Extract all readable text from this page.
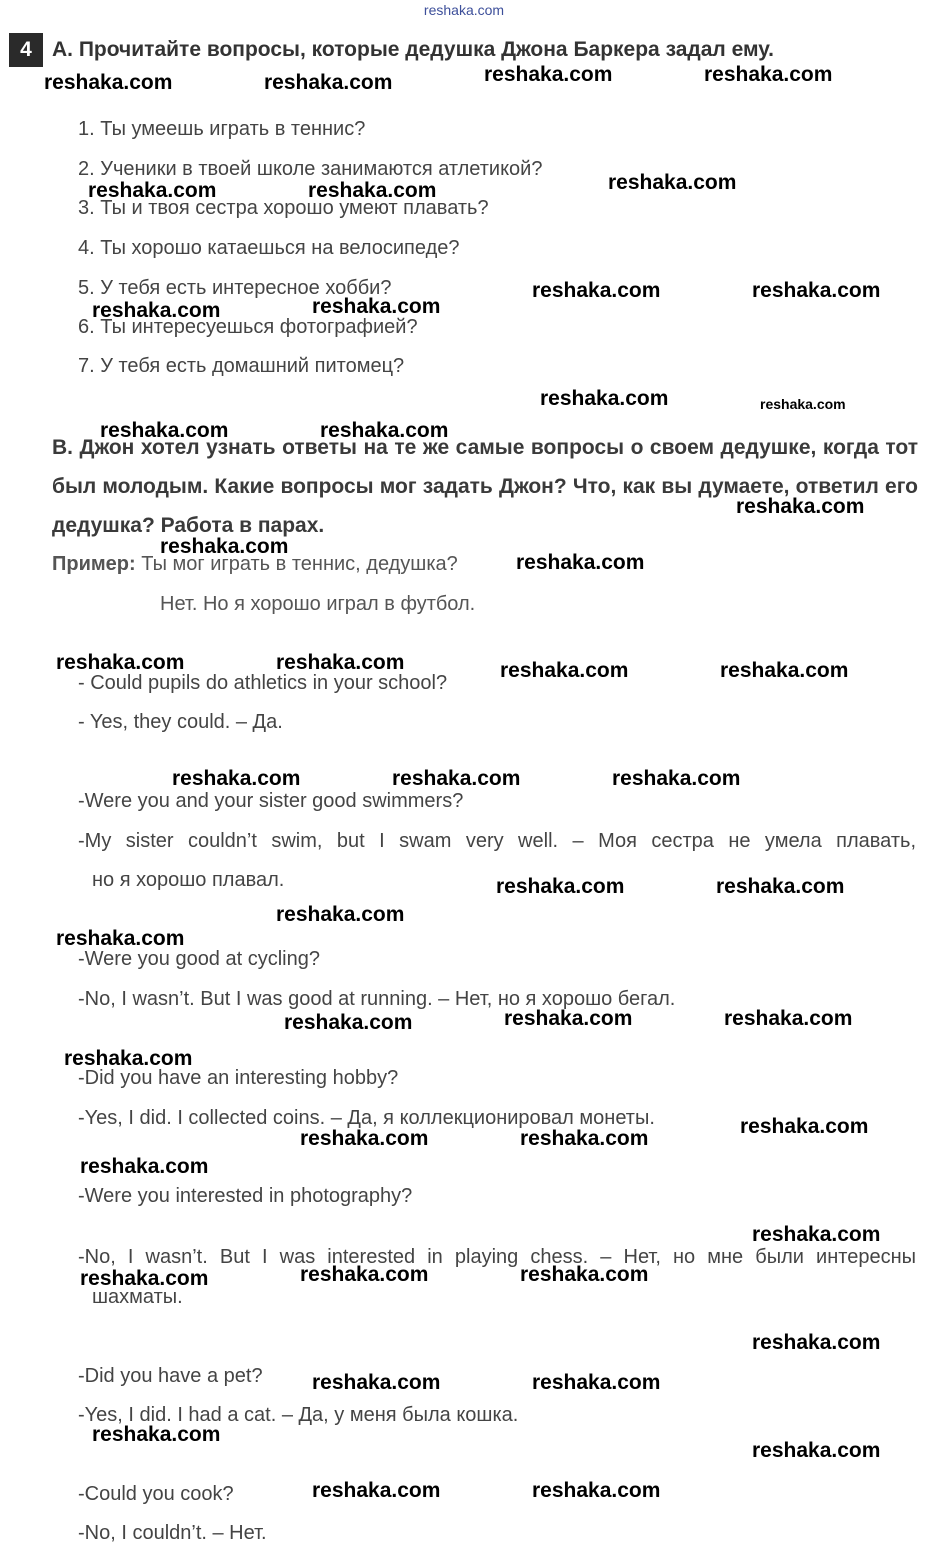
reshaka.com
4 A. Прочитайте вопросы, которые дедушка Джона Баркера задал ему.
1. Ты умеешь играть в теннис?
2. Ученики в твоей школе занимаются атлетикой?
3. Ты и твоя сестра хорошо умеют плавать?
4. Ты хорошо катаешься на велосипеде?
5. У тебя есть интересное хобби?
6. Ты интересуешься фотографией?
7. У тебя есть домашний питомец?

B. Джон хотел узнать ответы на те же самые вопросы о своем дедушке, когда тот был молодым. Какие вопросы мог задать Джон? Что, как вы думаете, ответил его дедушка? Работа в парах.

Пример: Ты мог играть в теннис, дедушка?
Нет. Но я хорошо играл в футбол.
- Could pupils do athletics in your school?
- Yes, they could. – Да.
-Were you and your sister good swimmers?
-My sister couldn’t swim, but I swam very well. – Моя сестра не умела плавать,
но я хорошо плавал.
-Were you good at cycling?
-No, I wasn’t. But I was good at running. – Нет, но я хорошо бегал.
-Did you have an interesting hobby?
-Yes, I did. I collected coins. – Да, я коллекционировал монеты.
-Were you interested in photography?
-No, I wasn’t. But I was interested in playing chess. – Нет, но мне были интересны
шахматы.
-Did you have a pet?
-Yes, I did. I had a cat. – Да, у меня была кошка.
-Could you cook?
-No, I couldn’t. – Нет.
reshaka.com	reshaka.com	reshaka.com	reshaka.com
reshaka.com	reshaka.com	reshaka.com
reshaka.com	reshaka.com
reshaka.com	reshaka.com
reshaka.com	reshaka.com
reshaka.com	reshaka.com
reshaka.com
reshaka.com
reshaka.com
reshaka.com	reshaka.com	reshaka.com	reshaka.com
reshaka.com	reshaka.com	reshaka.com
reshaka.com	reshaka.com
reshaka.com
reshaka.com
reshaka.com	reshaka.com	reshaka.com
reshaka.com
reshaka.com
reshaka.com	reshaka.com
reshaka.com
reshaka.com
reshaka.com	reshaka.com	reshaka.com
reshaka.com
reshaka.com	reshaka.com
reshaka.com
reshaka.com
reshaka.com	reshaka.com
